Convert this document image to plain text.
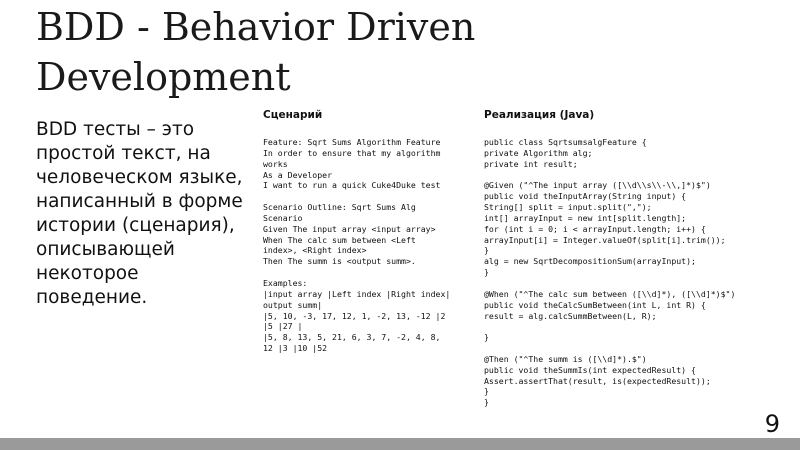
BDD - Behavior Driven Development
BDD тесты – это простой текст, на человеческом языке, написанный в форме истории (сценария), описывающей некоторое поведение.
Сценарий
Feature: Sqrt Sums Algorithm Feature
In order to ensure that my algorithm
works
As a Developer
I want to run a quick Cuke4Duke test

Scenario Outline: Sqrt Sums Alg
Scenario
Given The input array <input array>
When The calc sum between <Left
index>, <Right index>
Then The summ is <output summ>.

Examples:
|input array |Left index |Right index|
output summ|
|5, 10, -3, 17, 12, 1, -2, 13, -12 |2
|5 |27 |
|5, 8, 13, 5, 21, 6, 3, 7, -2, 4, 8,
12 |3 |10 |52
Реализация (Java)
public class SqrtsumsalgFeature {
private Algorithm alg;
private int result;

@Given ("^The input array ([\\d\\s\\-\\,]*)$")
public void theInputArray(String input) {
String[] split = input.split(",");
int[] arrayInput = new int[split.length];
for (int i = 0; i < arrayInput.length; i++) {
arrayInput[i] = Integer.valueOf(split[i].trim());
}
alg = new SqrtDecompositionSum(arrayInput);
}

@When ("^The calc sum between ([\\d]*), ([\\d]*)$")
public void theCalcSumBetween(int L, int R) {
result = alg.calcSummBetween(L, R);

}

@Then ("^The summ is ([\\d]*).$")
public void theSummIs(int expectedResult) {
Assert.assertThat(result, is(expectedResult));
}
}
9
